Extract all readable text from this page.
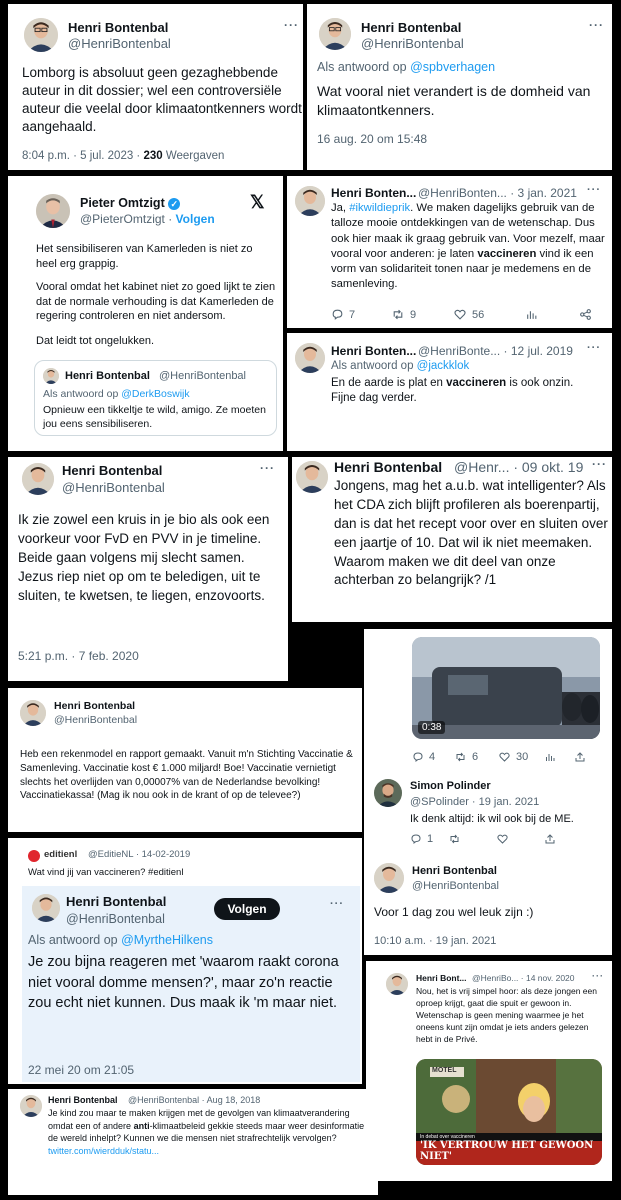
Henri Bontenbal
@HenriBontenbal
···
Lomborg is absoluut geen gezaghebbende auteur in dit dossier; wel een controversiële auteur die veelal door klimaatontkenners wordt aangehaald.
8:04 p.m. · 5 jul. 2023 · 230 Weergaven
Henri Bontenbal
@HenriBontenbal
···
Als antwoord op @spbverhagen
Wat vooral niet verandert is de domheid van klimaatontkenners.
16 aug. 20 om 15:48
Pieter Omtzigt ✓
@PieterOmtzigt · Volgen
𝕏
Het sensibiliseren van Kamerleden is niet zo heel erg grappig.
Vooral omdat het kabinet niet zo goed lijkt te zien dat de normale verhouding is dat Kamerleden de regering controleren en niet andersom.
Dat leidt tot ongelukken.
Henri Bontenbal @HenriBontenbal
Als antwoord op @DerkBoswijk
Opnieuw een tikkeltje te wild, amigo. Ze moeten jou eens sensibiliseren.
Henri Bonten... @HenriBonten... · 3 jan. 2021 ···
Ja, #ikwildieprik. We maken dagelijks gebruik van de talloze mooie ontdekkingen van de wetenschap. Dus ook hier maak ik graag gebruik van. Voor mezelf, maar vooral voor anderen: je laten vaccineren vind ik een vorm van solidariteit tonen naar je medemens en de samenleving.
7	9	56
Henri Bonten... @HenriBonte... · 12 jul. 2019 ···
Als antwoord op @jackklok
En de aarde is plat en vaccineren is ook onzin. Fijne dag verder.
Henri Bontenbal
@HenriBontenbal
···
Ik zie zowel een kruis in je bio als ook een voorkeur voor FvD en PVV in je timeline. Beide gaan volgens mij slecht samen. Jezus riep niet op om te beledigen, uit te sluiten, te kwetsen, te liegen, enzovoorts.
5:21 p.m. · 7 feb. 2020
Henri Bontenbal @Henr... · 09 okt. 19 ···
Jongens, mag het a.u.b. wat intelligenter? Als het CDA zich blijft profileren als boerenpartij, dan is dat het recept voor over en sluiten over een jaartje of 10. Dat wil ik niet meemaken. Waarom maken we dit deel van onze achterban zo belangrijk? /1
0:38
4	6	30
Simon Polinder
@SPolinder · 19 jan. 2021
Ik denk altijd: ik wil ook bij de ME.
1
Henri Bontenbal
@HenriBontenbal
Voor 1 dag zou wel leuk zijn :)
10:10 a.m. · 19 jan. 2021
Henri Bontenbal
@HenriBontenbal
Heb een rekenmodel en rapport gemaakt. Vanuit m'n Stichting Vaccinatie & Samenleving. Vaccinatie kost € 1.000 miljard! Boe! Vaccinatie vernietigt slechts het overlijden van 0,00007% van de Nederlandse bevolking! Vaccinatiekassa! (Mag ik nou ook in de krant of op de televee?)
editienl @EditieNL · 14-02-2019
Wat vind jij van vaccineren? #editienl
Henri Bontenbal
@HenriBontenbal
Volgen	···
Als antwoord op @MyrtheHilkens
Je zou bijna reageren met 'waarom raakt corona niet vooral domme mensen?', maar zo'n reactie zou echt niet kunnen. Dus maak ik 'm maar niet.
22 mei 20 om 21:05
Henri Bont... @HenriBo... · 14 nov. 2020 ···
Nou, het is vrij simpel hoor: als deze jongen een oproep krijgt, gaat die spuit er gewoon in. Wetenschap is geen mening waarmee je het oneens kunt zijn omdat je iets anders gelezen hebt in de Privé.
In debat over vaccineren
MOTEL
'IK VERTROUW HET GEWOON NIET'
Henri Bontenbal @HenriBontenbal · Aug 18, 2018
Je kind zou maar te maken krijgen met de gevolgen van klimaatverandering omdat een of andere anti-klimaatbeleid gekkie steeds maar weer desinformatie de wereld inhelpt? Kunnen we die mensen niet strafrechtelijk vervolgen? twitter.com/wierdduk/statu...
